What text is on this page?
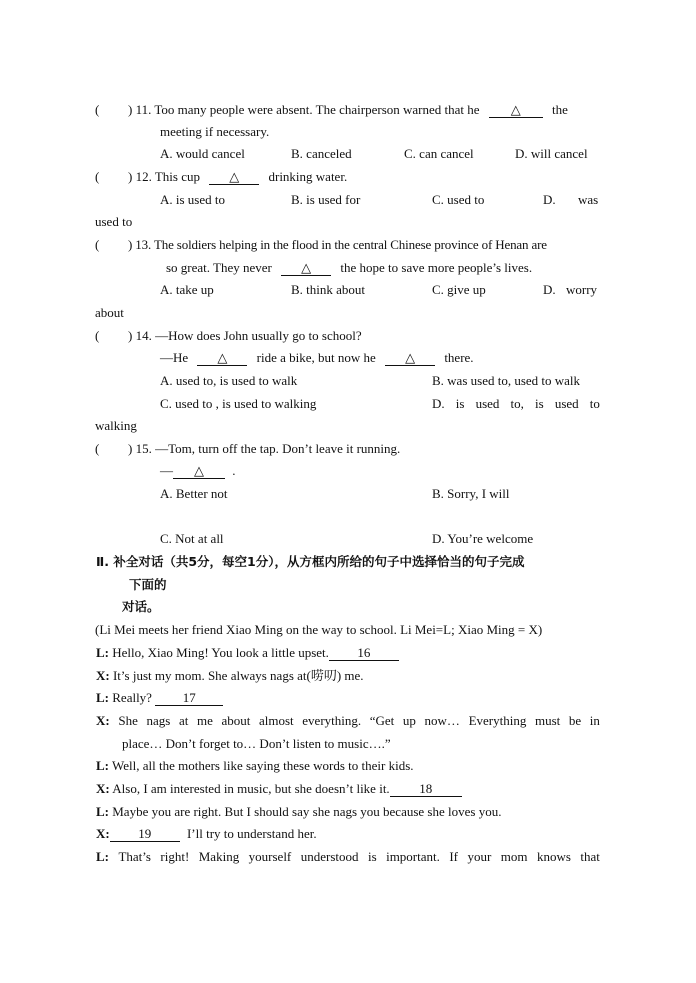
( ) 11. Too many people were absent. The chairperson warned that he △ the
meeting if necessary.
A. would cancel	B. canceled	C. can cancel	D. will cancel
( ) 12. This cup △ drinking water.
A. is used to	B. is used for	C. used to	D. was
used to
( ) 13. The soldiers helping in the flood in the central Chinese province of Henan are
so great. They never △ the hope to save more people’s lives.
A. take up	B. think about	C. give up	D. worry
about
( ) 14. —How does John usually go to school?
—He △ ride a bike, but now he △ there.
A. used to, is used to walk	B. was used to, used to walk
C. used to , is used to walking	D. is used to, is used to
walking
( ) 15. —Tom, turn off the tap. Don’t leave it running.
— △ .
A. Better not	B. Sorry, I will
C. Not at all	D. You’re welcome
Ⅱ. 补全对话（共5分，每空1分），从方框内所给的句子中选择恰当的句子完成
下面的
对话。
(Li Mei meets her friend Xiao Ming on the way to school. Li Mei=L; Xiao Ming = X)
L: Hello, Xiao Ming! You look a little upset. 16
X: It’s just my mom. She always nags at(唠叨) me.
L: Really? 17
X: She nags at me about almost everything. “Get up now… Everything must be in
place… Don’t forget to… Don’t listen to music….”
L: Well, all the mothers like saying these words to their kids.
X: Also, I am interested in music, but she doesn’t like it. 18
L: Maybe you are right. But I should say she nags you because she loves you.
X: 19	I’ll try to understand her.
L: That’s right! Making yourself understood is important. If your mom knows that
